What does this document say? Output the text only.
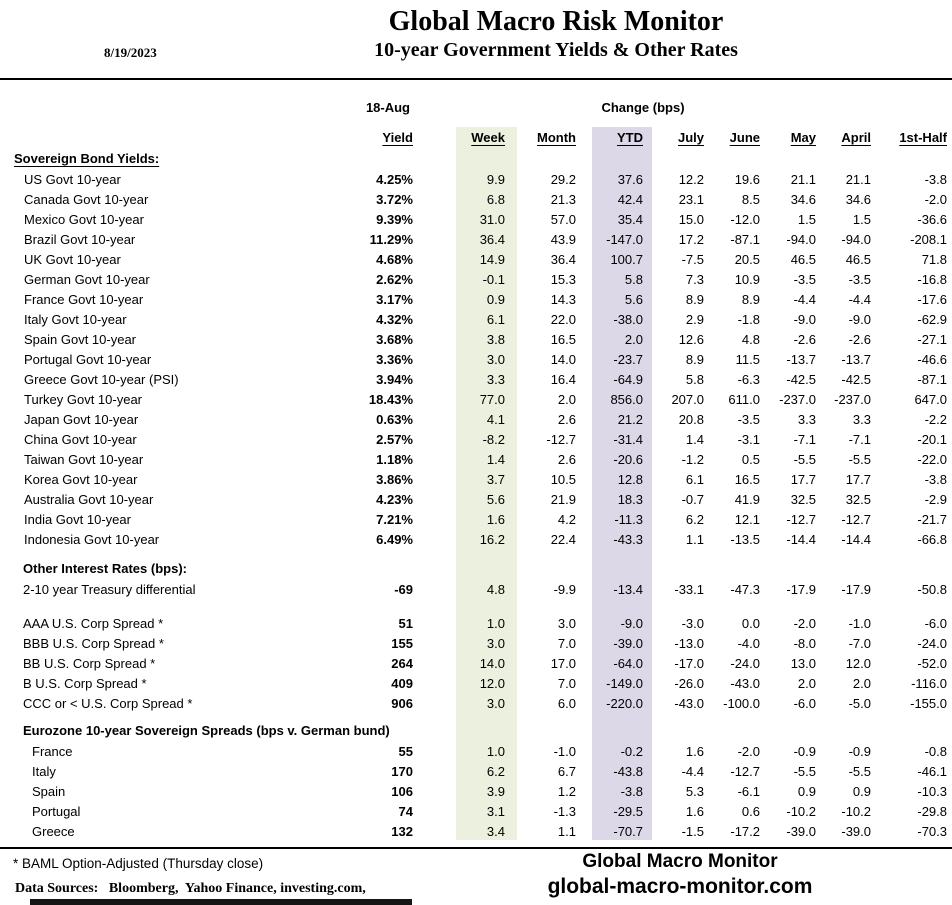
8/19/2023
Global Macro Risk Monitor
10-year Government Yields & Other Rates
18-Aug	Change (bps)
	Yield	Week	Month	YTD	July	June	May	April	1st-Half
Sovereign Bond Yields:									
US Govt 10-year	4.25%	9.9	29.2	37.6	12.2	19.6	21.1	21.1	-3.8
Canada Govt 10-year	3.72%	6.8	21.3	42.4	23.1	8.5	34.6	34.6	-2.0
Mexico Govt 10-year	9.39%	31.0	57.0	35.4	15.0	-12.0	1.5	1.5	-36.6
Brazil Govt 10-year	11.29%	36.4	43.9	-147.0	17.2	-87.1	-94.0	-94.0	-208.1
UK Govt 10-year	4.68%	14.9	36.4	100.7	-7.5	20.5	46.5	46.5	71.8
German Govt 10-year	2.62%	-0.1	15.3	5.8	7.3	10.9	-3.5	-3.5	-16.8
France Govt 10-year	3.17%	0.9	14.3	5.6	8.9	8.9	-4.4	-4.4	-17.6
Italy Govt 10-year	4.32%	6.1	22.0	-38.0	2.9	-1.8	-9.0	-9.0	-62.9
Spain Govt 10-year	3.68%	3.8	16.5	2.0	12.6	4.8	-2.6	-2.6	-27.1
Portugal Govt 10-year	3.36%	3.0	14.0	-23.7	8.9	11.5	-13.7	-13.7	-46.6
Greece Govt 10-year (PSI)	3.94%	3.3	16.4	-64.9	5.8	-6.3	-42.5	-42.5	-87.1
Turkey Govt 10-year	18.43%	77.0	2.0	856.0	207.0	611.0	-237.0	-237.0	647.0
Japan Govt 10-year	0.63%	4.1	2.6	21.2	20.8	-3.5	3.3	3.3	-2.2
China Govt 10-year	2.57%	-8.2	-12.7	-31.4	1.4	-3.1	-7.1	-7.1	-20.1
Taiwan Govt 10-year	1.18%	1.4	2.6	-20.6	-1.2	0.5	-5.5	-5.5	-22.0
Korea Govt 10-year	3.86%	3.7	10.5	12.8	6.1	16.5	17.7	17.7	-3.8
Australia Govt 10-year	4.23%	5.6	21.9	18.3	-0.7	41.9	32.5	32.5	-2.9
India Govt 10-year	7.21%	1.6	4.2	-11.3	6.2	12.1	-12.7	-12.7	-21.7
Indonesia Govt 10-year	6.49%	16.2	22.4	-43.3	1.1	-13.5	-14.4	-14.4	-66.8

Other Interest Rates (bps):									
2-10 year Treasury differential	-69	4.8	-9.9	-13.4	-33.1	-47.3	-17.9	-17.9	-50.8

AAA U.S. Corp Spread *	51	1.0	3.0	-9.0	-3.0	0.0	-2.0	-1.0	-6.0
BBB U.S. Corp Spread *	155	3.0	7.0	-39.0	-13.0	-4.0	-8.0	-7.0	-24.0
BB U.S. Corp Spread *	264	14.0	17.0	-64.0	-17.0	-24.0	13.0	12.0	-52.0
B U.S. Corp Spread *	409	12.0	7.0	-149.0	-26.0	-43.0	2.0	2.0	-116.0
CCC or < U.S. Corp Spread *	906	3.0	6.0	-220.0	-43.0	-100.0	-6.0	-5.0	-155.0

Eurozone 10-year Sovereign Spreads (bps v. German bund)									
France	55	1.0	-1.0	-0.2	1.6	-2.0	-0.9	-0.9	-0.8
Italy	170	6.2	6.7	-43.8	-4.4	-12.7	-5.5	-5.5	-46.1
Spain	106	3.9	1.2	-3.8	5.3	-6.1	0.9	0.9	-10.3
Portugal	74	3.1	-1.3	-29.5	1.6	0.6	-10.2	-10.2	-29.8
Greece	132	3.4	1.1	-70.7	-1.5	-17.2	-39.0	-39.0	-70.3
* BAML Option-Adjusted (Thursday close)
Data Sources:   Bloomberg,  Yahoo Finance, investing.com,
Global Macro Monitor
global-macro-monitor.com
